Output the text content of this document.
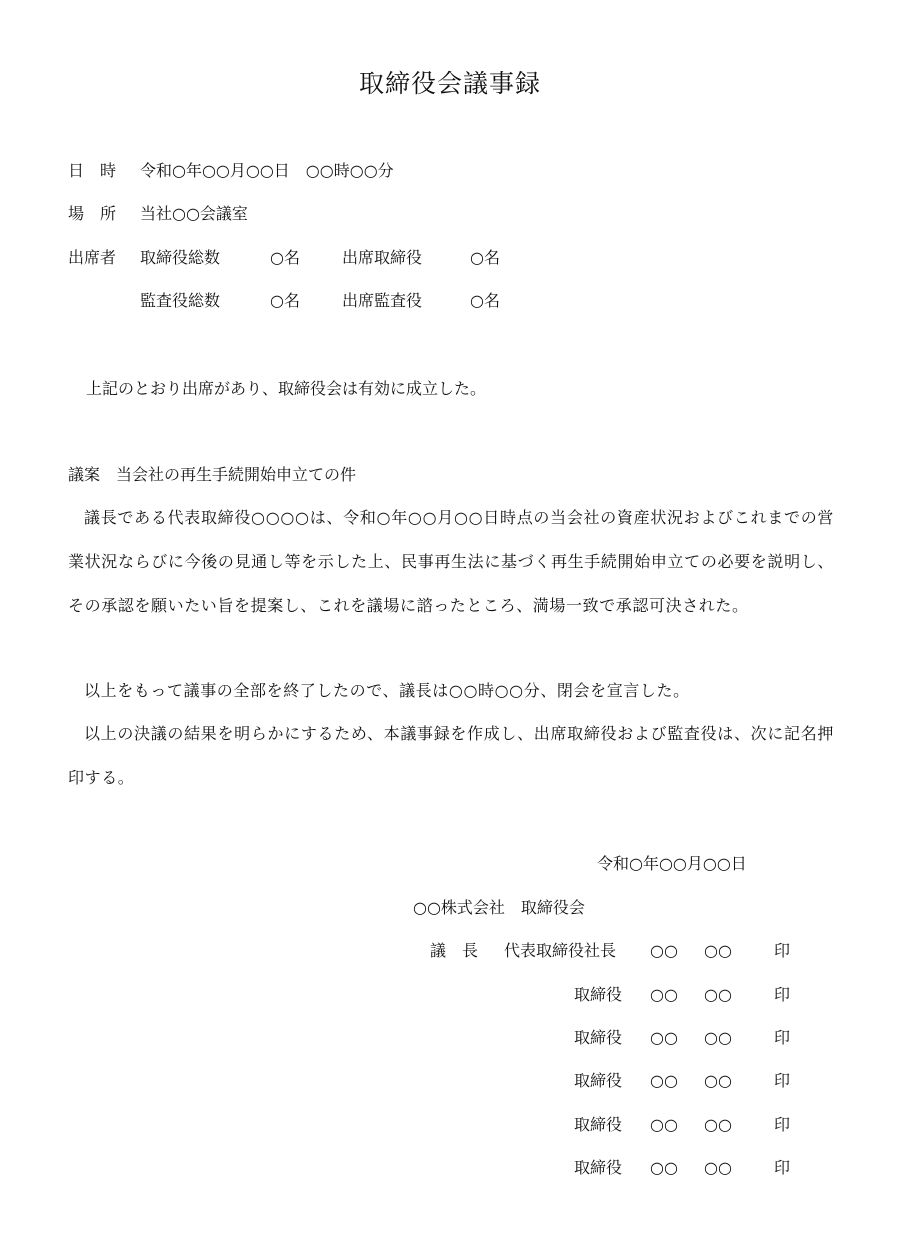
取締役会議事録
日　時 令和○年○○月○○日　○○時○○分
場　所 当社○○会議室
出席者 取締役総数	○名	出席取締役	○名
監査役総数	○名	出席監査役	○名
上記のとおり出席があり、取締役会は有効に成立した。
議案　当会社の再生手続開始申立ての件
議長である代表取締役○○○○は、令和○年○○月○○日時点の当会社の資産状況およびこれまでの営業状況ならびに今後の見通し等を示した上、民事再生法に基づく再生手続開始申立ての必要を説明し、その承認を願いたい旨を提案し、これを議場に諮ったところ、満場一致で承認可決された。
以上をもって議事の全部を終了したので、議長は○○時○○分、閉会を宣言した。
以上の決議の結果を明らかにするため、本議事録を作成し、出席取締役および監査役は、次に記名押印する。
令和○年○○月○○日
○○株式会社　取締役会
議　長 代表取締役社長 ○○ ○○	印
取締役 ○○ ○○	印
取締役 ○○ ○○	印
取締役 ○○ ○○	印
取締役 ○○ ○○	印
取締役 ○○ ○○	印
